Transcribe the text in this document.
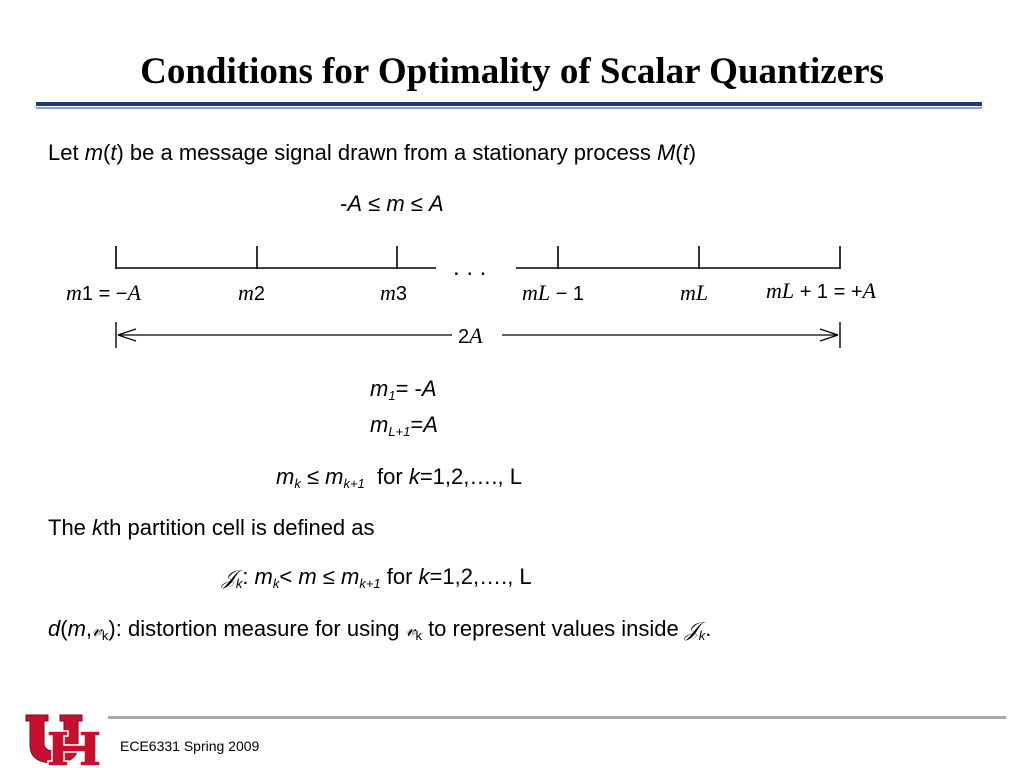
Conditions for Optimality of Scalar Quantizers
Let m(t) be a message signal drawn from a stationary process M(t)
-A ≤ m ≤ A
. . .
m1 = −A	m2	m3	mL − 1	mL	mL + 1 = +A
2A
$m_1= -A$
$m_{L+1}=A$
$m_k \le m_{k+1}$  for k=1,2,…., L
The kth partition cell is defined as
𝒥$_k$: $m_k< m \le m_{k+1}$ for k=1,2,…., L
d(m,𝓋$_k$): distortion measure for using 𝓋$_k$ to represent values inside 𝒥$_k$.
ECE6331 Spring 2009
